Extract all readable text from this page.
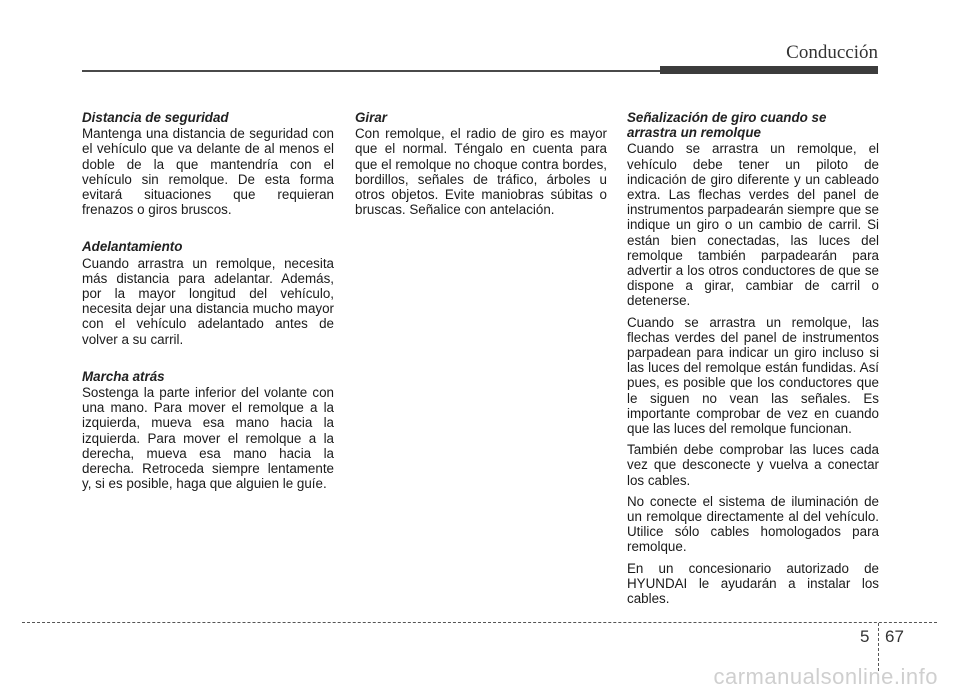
Conducción
Distancia de seguridad

Mantenga una distancia de seguridad con el vehículo que va delante de al menos el doble de la que mantendría con el vehículo sin remolque. De esta forma evitará situaciones que requieran frenazos o giros bruscos.

Adelantamiento

Cuando arrastra un remolque, necesita más distancia para adelantar. Además, por la mayor longitud del vehículo, necesita dejar una distancia mucho mayor con el vehículo adelantado antes de volver a su carril.

Marcha atrás

Sostenga la parte inferior del volante con una mano. Para mover el remolque a la izquierda, mueva esa mano hacia la izquierda. Para mover el remolque a la derecha, mueva esa mano hacia la derecha. Retroceda siempre lentamente y, si es posible, haga que alguien le guíe.

Girar

Con remolque, el radio de giro es mayor que el normal. Téngalo en cuenta para que el remolque no choque contra bordes, bordillos, señales de tráfico, árboles u otros objetos. Evite maniobras súbitas o bruscas. Señalice con antelación.

Señalización de giro cuando se arrastra un remolque

Cuando se arrastra un remolque, el vehículo debe tener un piloto de indicación de giro diferente y un cableado extra. Las flechas verdes del panel de instrumentos parpadearán siempre que se indique un giro o un cambio de carril. Si están bien conectadas, las luces del remolque también parpadearán para advertir a los otros conductores de que se dispone a girar, cambiar de carril o detenerse.

Cuando se arrastra un remolque, las flechas verdes del panel de instrumentos parpadean para indicar un giro incluso si las luces del remolque están fundidas. Así pues, es posible que los conductores que le siguen no vean las señales. Es importante comprobar de vez en cuando que las luces del remolque funcionan.

También debe comprobar las luces cada vez que desconecte y vuelva a conectar los cables.

No conecte el sistema de iluminación de un remolque directamente al del vehículo. Utilice sólo cables homologados para remolque.

En un concesionario autorizado de HYUNDAI le ayudarán a instalar los cables.

5 67
carmanualsonline.info
